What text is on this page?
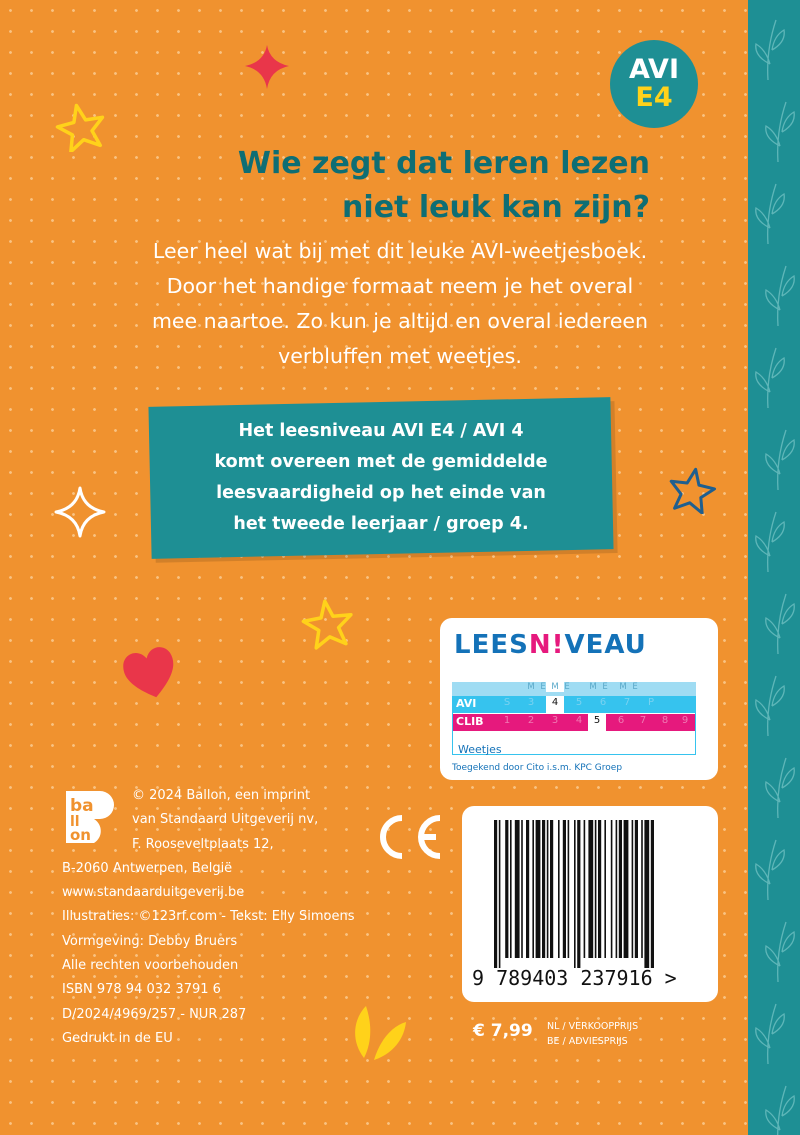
AVI
E4
Wie zegt dat leren lezen
niet leuk kan zijn?
Leer heel wat bij met dit leuke AVI-weetjesboek.
Door het handige formaat neem je het overal
mee naartoe. Zo kun je altijd en overal iedereen
verbluffen met weetjes.
Het leesniveau AVI E4 / AVI 4
komt overeen met de gemiddelde
leesvaardigheid op het einde van
het tweede leerjaar / groep 4.
LEESN!VEAU
M E M E	M E	M E
AVI	S	3	4	5	6	7	P
CLIB	1	2	3	4	5	6	7	8	9
Weetjes
Toegekend door Cito i.s.m. KPC Groep
ba
ll
on
© 2024 Ballon, een imprint
van Standaard Uitgeverij nv,
F. Rooseveltplaats 12,
B-2060 Antwerpen, België
www.standaarduitgeverij.be
Illustraties: ©123rf.com - Tekst: Elly Simoens
Vormgeving: Debby Bruers
Alle rechten voorbehouden
ISBN 978 94 032 3791 6
D/2024/4969/257 - NUR 287
Gedrukt in de EU
9 789403 237916 >
€ 7,99 NL / VERKOOPPRIJS
BE / ADVIESPRIJS
